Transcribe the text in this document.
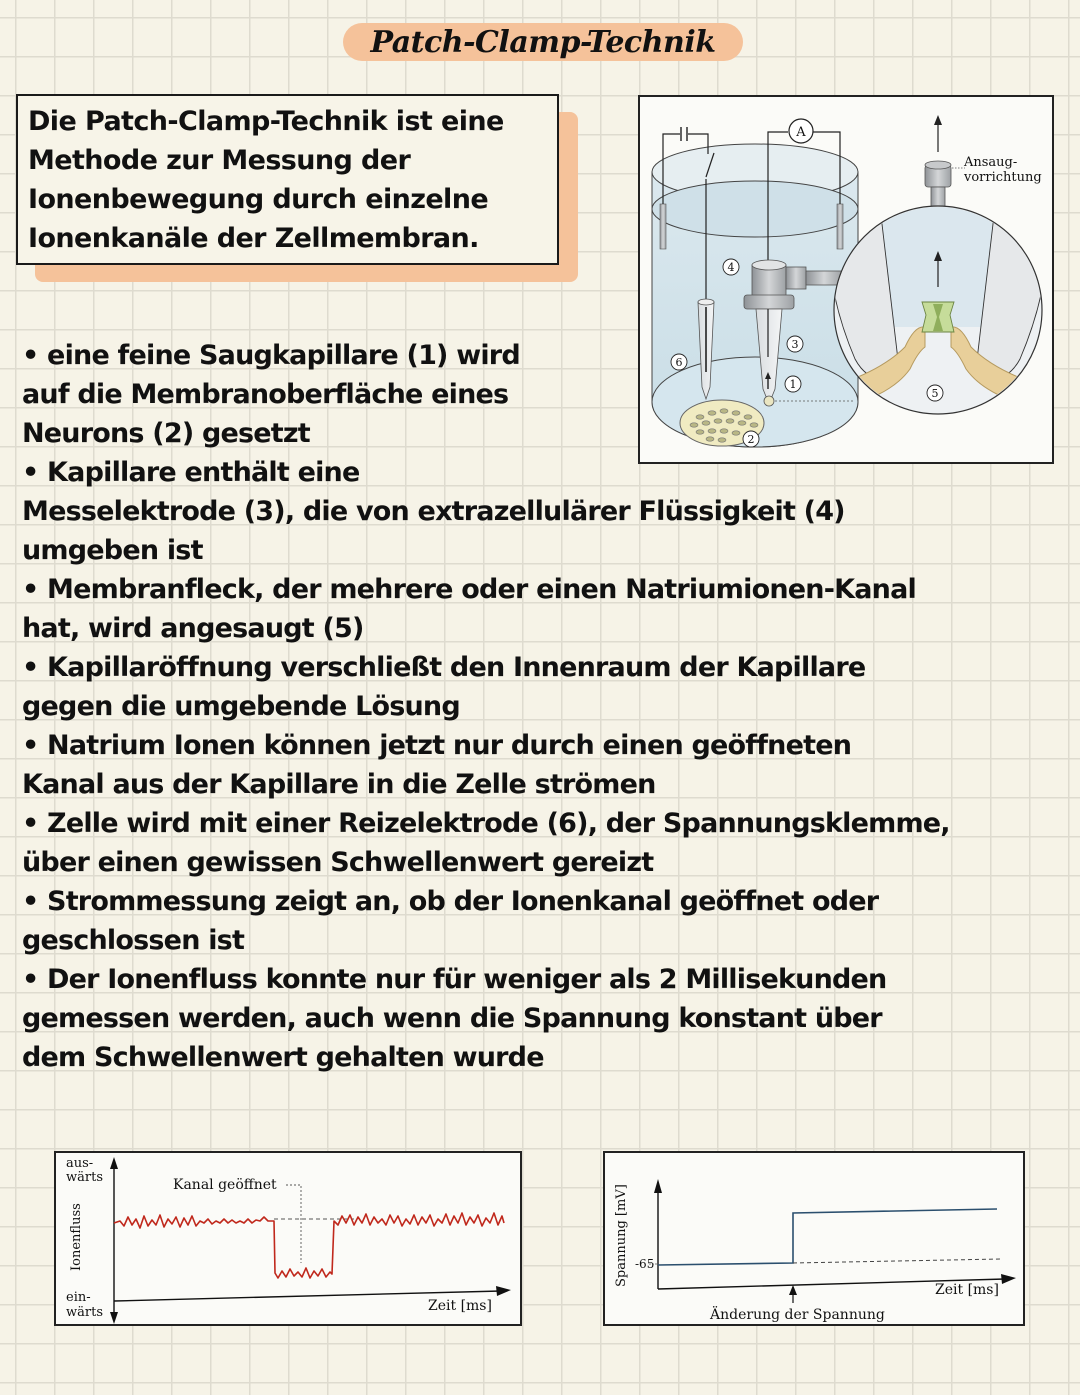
Patch-Clamp-Technik
Die Patch-Clamp-Technik ist eine
Methode zur Messung der
Ionenbewegung durch einzelne
Ionenkanäle der Zellmembran.
A
Ansaug-
vorrichtung
1
2
3
4
5
6
• eine feine Saugkapillare (1) wird
auf die Membranoberfläche eines
Neurons (2) gesetzt
• Kapillare enthält eine
Messelektrode (3), die von extrazellulärer Flüssigkeit (4)
umgeben ist
• Membranfleck, der mehrere oder einen Natriumionen-Kanal
hat, wird angesaugt (5)
• Kapillaröffnung verschließt den Innenraum der Kapillare
gegen die umgebende Lösung
• Natrium Ionen können jetzt nur durch einen geöffneten
Kanal aus der Kapillare in die Zelle strömen
• Zelle wird mit einer Reizelektrode (6), der Spannungsklemme,
über einen gewissen Schwellenwert gereizt
• Strommessung zeigt an, ob der Ionenkanal geöffnet oder
geschlossen ist
• Der Ionenfluss konnte nur für weniger als 2 Millisekunden
gemessen werden, auch wenn die Spannung konstant über
dem Schwellenwert gehalten wurde
aus-
wärts
ein-
wärts
Ionenfluss
Zeit [ms]
Kanal geöffnet	Spannung [mV] -65
Änderung der Spannung
Zeit [ms]
